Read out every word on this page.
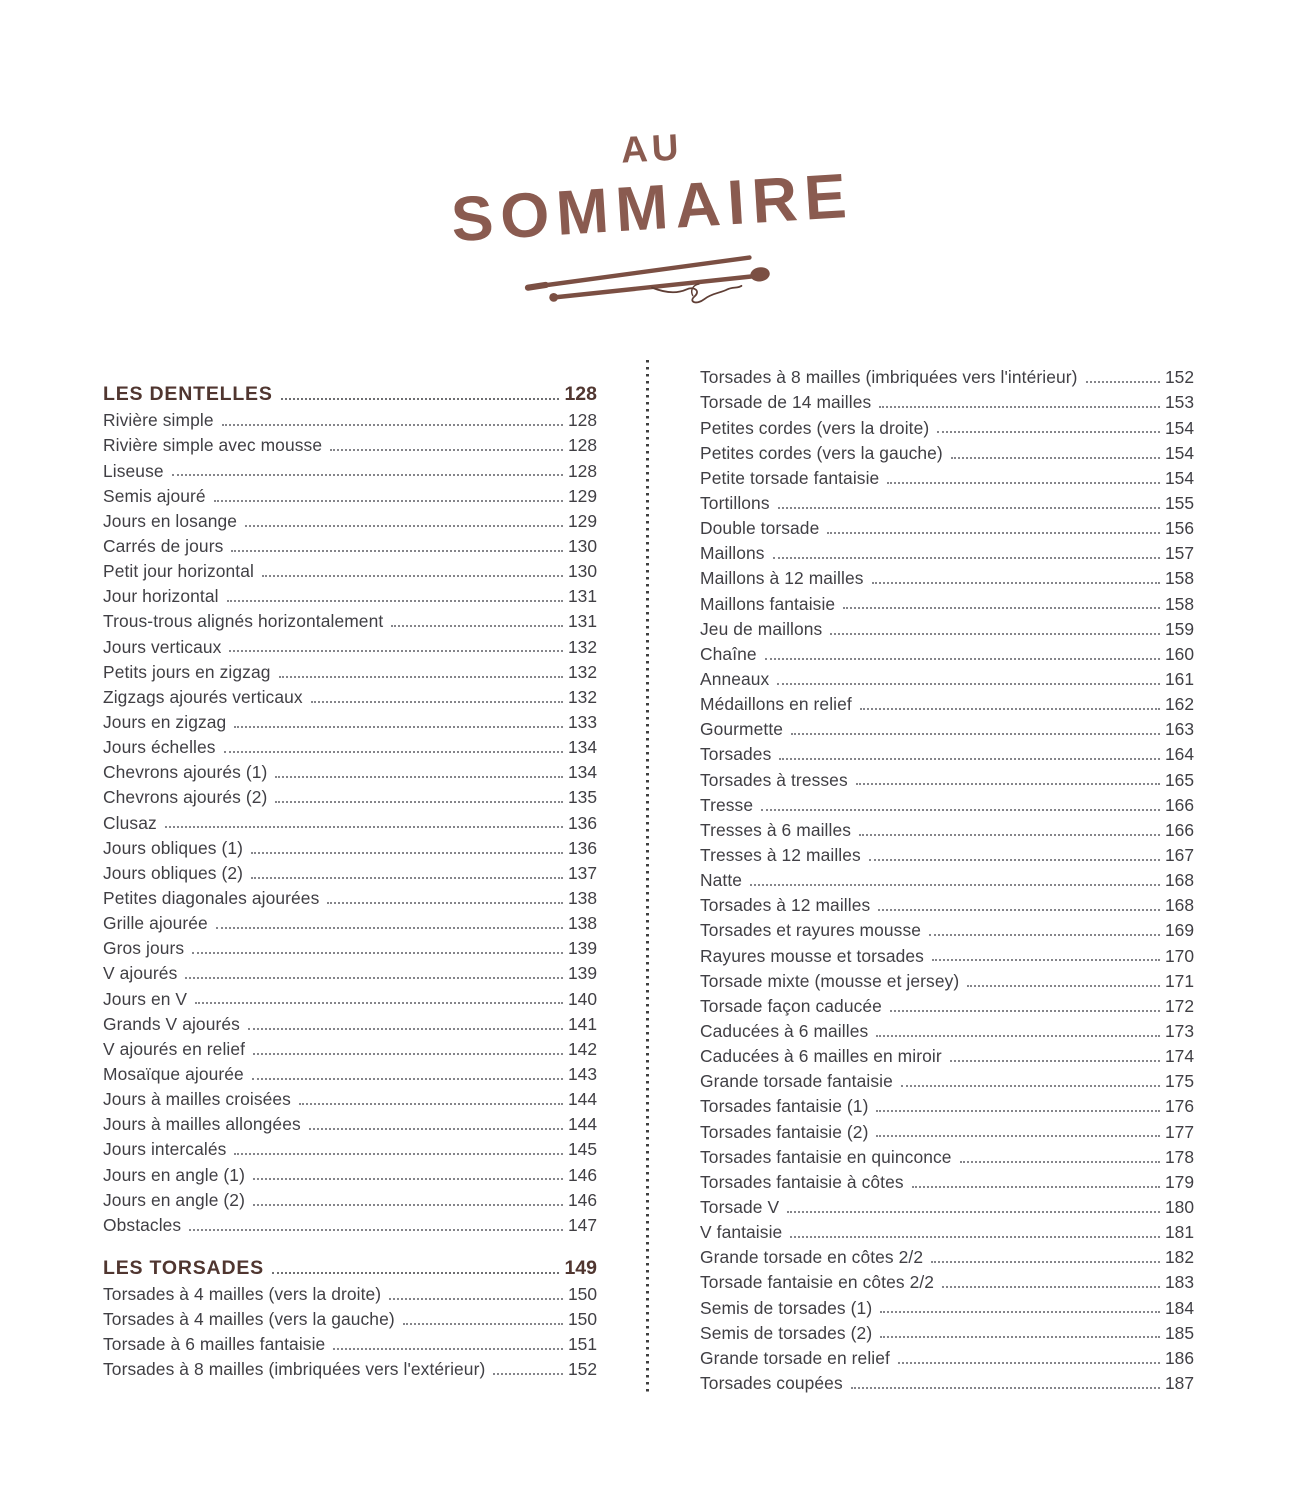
AU
SOMMAIRE
LES DENTELLES	128
Rivière simple	128
Rivière simple avec mousse	128
Liseuse	128
Semis ajouré	129
Jours en losange	129
Carrés de jours	130
Petit jour horizontal	130
Jour horizontal	131
Trous-trous alignés horizontalement	131
Jours verticaux	132
Petits jours en zigzag	132
Zigzags ajourés verticaux	132
Jours en zigzag	133
Jours échelles	134
Chevrons ajourés (1)	134
Chevrons ajourés (2)	135
Clusaz	136
Jours obliques (1)	136
Jours obliques (2)	137
Petites diagonales ajourées	138
Grille ajourée	138
Gros jours	139
V ajourés	139
Jours en V	140
Grands V ajourés	141
V ajourés en relief	142
Mosaïque ajourée	143
Jours à mailles croisées	144
Jours à mailles allongées	144
Jours intercalés	145
Jours en angle (1)	146
Jours en angle (2)	146
Obstacles	147
LES TORSADES	149
Torsades à 4 mailles (vers la droite)	150
Torsades à 4 mailles (vers la gauche)	150
Torsade à 6 mailles fantaisie	151
Torsades à 8 mailles (imbriquées vers l'extérieur)	152
Torsades à 8 mailles (imbriquées vers l'intérieur)	152
Torsade de 14 mailles	153
Petites cordes (vers la droite)	154
Petites cordes (vers la gauche)	154
Petite torsade fantaisie	154
Tortillons	155
Double torsade	156
Maillons	157
Maillons à 12 mailles	158
Maillons fantaisie	158
Jeu de maillons	159
Chaîne	160
Anneaux	161
Médaillons en relief	162
Gourmette	163
Torsades	164
Torsades à tresses	165
Tresse	166
Tresses à 6 mailles	166
Tresses à 12 mailles	167
Natte	168
Torsades à 12 mailles	168
Torsades et rayures mousse	169
Rayures mousse et torsades	170
Torsade mixte (mousse et jersey)	171
Torsade façon caducée	172
Caducées à 6 mailles	173
Caducées à 6 mailles en miroir	174
Grande torsade fantaisie	175
Torsades fantaisie (1)	176
Torsades fantaisie (2)	177
Torsades fantaisie en quinconce	178
Torsades fantaisie à côtes	179
Torsade V	180
V fantaisie	181
Grande torsade en côtes 2/2	182
Torsade fantaisie en côtes 2/2	183
Semis de torsades (1)	184
Semis de torsades (2)	185
Grande torsade en relief	186
Torsades coupées	187
